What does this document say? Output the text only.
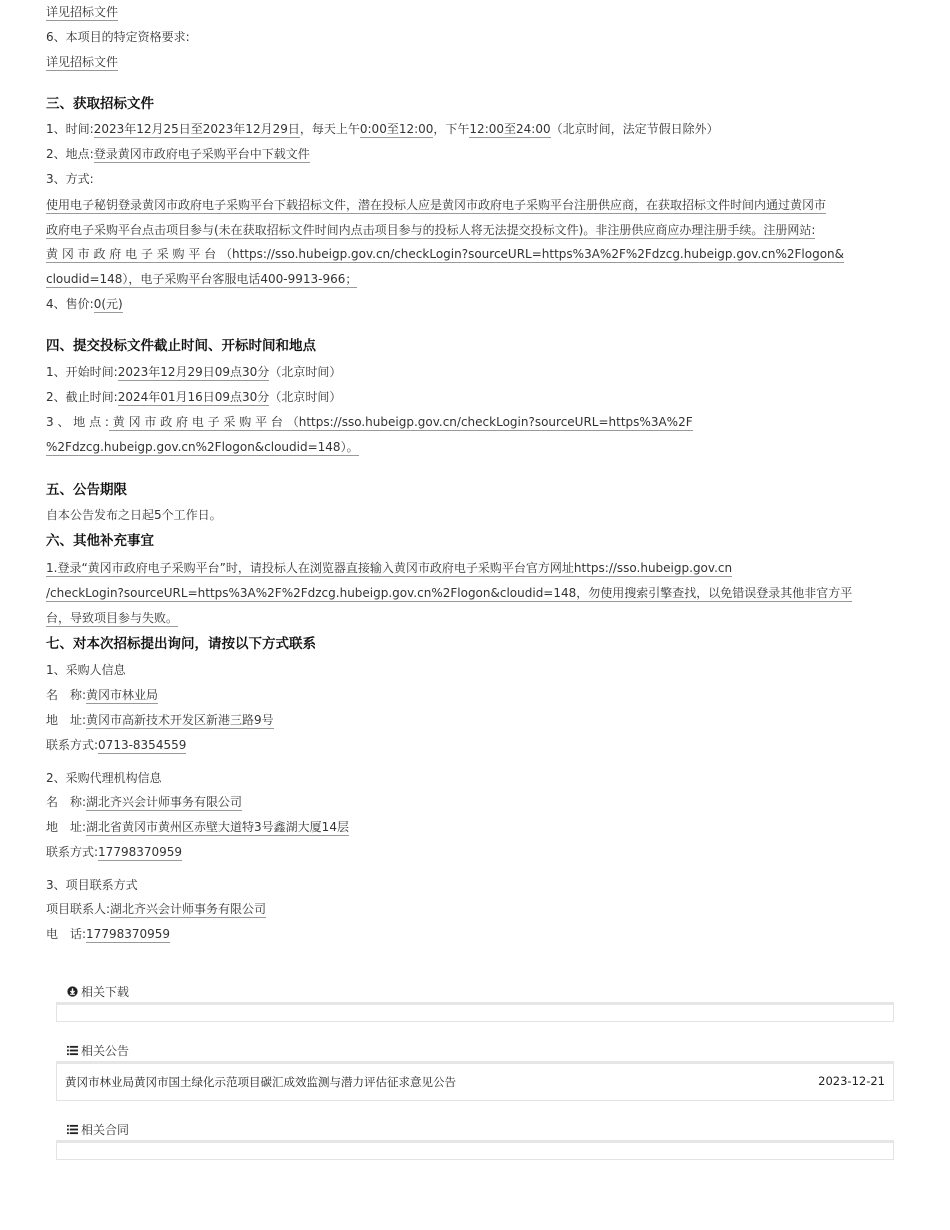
详见招标文件
6、本项目的特定资格要求:
详见招标文件
三、获取招标文件
1、时间:2023年12月25日至2023年12月29日，每天上午0:00至12:00，下午12:00至24:00（北京时间，法定节假日除外）
2、地点:登录黄冈市政府电子采购平台中下载文件
3、方式:
使用电子秘钥登录黄冈市政府电子采购平台下载招标文件，潜在投标人应是黄冈市政府电子采购平台注册供应商，在获取招标文件时间内通过黄冈市
政府电子采购平台点击项目参与(未在获取招标文件时间内点击项目参与的投标人将无法提交投标文件)。非注册供应商应办理注册手续。注册网站:
黄 冈 市 政 府 电 子 采 购 平 台 （https://sso.hubeigp.gov.cn/checkLogin?sourceURL=https%3A%2F%2Fdzcg.hubeigp.gov.cn%2Flogon&
cloudid=148），电子采购平台客服电话400-9913-966；
4、售价:0(元)
四、提交投标文件截止时间、开标时间和地点
1、开始时间:2023年12月29日09点30分（北京时间）
2、截止时间:2024年01月16日09点30分（北京时间）
3 、 地 点 : 黄 冈 市 政 府 电 子 采 购 平 台 （https://sso.hubeigp.gov.cn/checkLogin?sourceURL=https%3A%2F
%2Fdzcg.hubeigp.gov.cn%2Flogon&cloudid=148）。
五、公告期限
自本公告发布之日起5个工作日。
六、其他补充事宜
1.登录“黄冈市政府电子采购平台”时，请投标人在浏览器直接输入黄冈市政府电子采购平台官方网址https://sso.hubeigp.gov.cn
/checkLogin?sourceURL=https%3A%2F%2Fdzcg.hubeigp.gov.cn%2Flogon&cloudid=148，勿使用搜索引擎查找，以免错误登录其他非官方平
台，导致项目参与失败。
七、对本次招标提出询问，请按以下方式联系
1、采购人信息
名　称:黄冈市林业局
地　址:黄冈市高新技术开发区新港三路9号
联系方式:0713-8354559
2、采购代理机构信息
名　称:湖北齐兴会计师事务有限公司
地　址:湖北省黄冈市黄州区赤壁大道特3号鑫湖大厦14层
联系方式:17798370959
3、项目联系方式
项目联系人:湖北齐兴会计师事务有限公司
电　话:17798370959
相关下载
相关公告
黄冈市林业局黄冈市国土绿化示范项目碳汇成效监测与潜力评估征求意见公告	2023-12-21
相关合同
